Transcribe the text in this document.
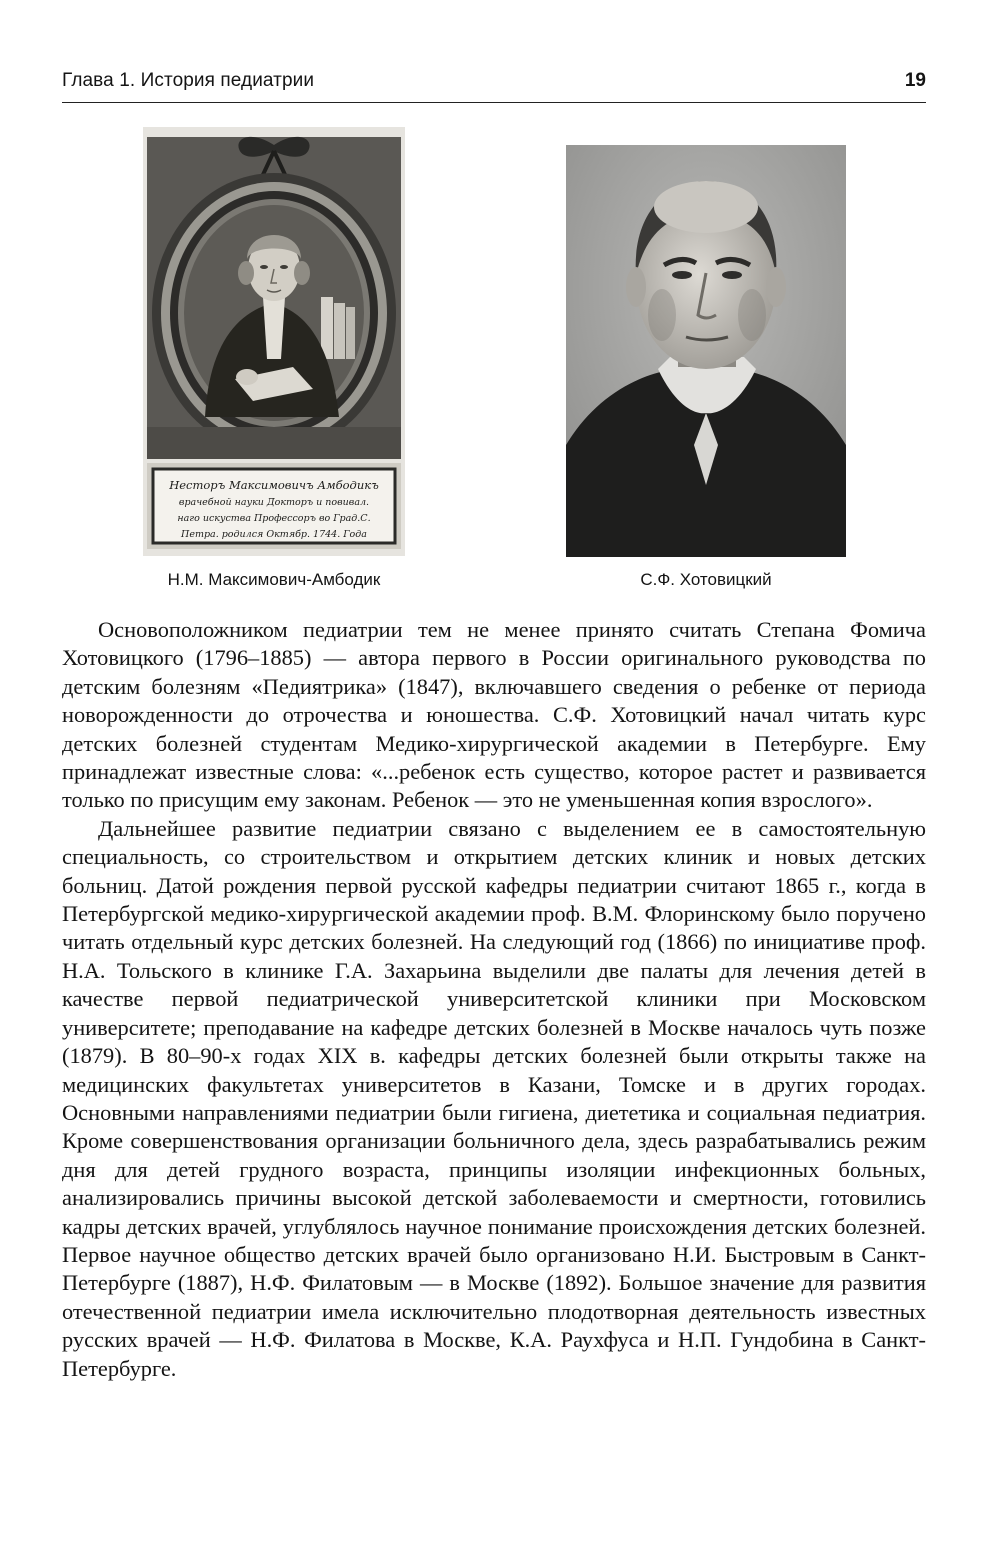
Глава 1. История педиатрии	19
Несторъ Максимовичъ Амбодикъ
врачебной науки Докторъ и повивал.
наго искуства Профессоръ во Град.С.
Петра. родился Октябр. 1744. Года
Н.М. Максимович-Амбодик	С.Ф. Хотовицкий

Основоположником педиатрии тем не менее принято считать Степана Фомича Хотовицкого (1796–1885) — автора первого в России оригинального руководства по детским болезням «Педиятрика» (1847), включавшего сведения о ребенке от периода новорожденности до отрочества и юношества. С.Ф. Хотовицкий начал читать курс детских болезней студентам Медико-хирургической академии в Петербурге. Ему принадлежат известные слова: «...ребенок есть существо, которое растет и развивается только по присущим ему законам. Ребенок — это не уменьшенная копия взрослого».

Дальнейшее развитие педиатрии связано с выделением ее в самостоятельную специальность, со строительством и открытием детских клиник и новых детских больниц. Датой рождения первой русской кафедры педиатрии считают 1865 г., когда в Петербургской медико-хирургической академии проф. В.М. Флоринскому было поручено читать отдельный курс детских болезней. На следующий год (1866) по инициативе проф. Н.А. Тольского в клинике Г.А. Захарьина выделили две палаты для лечения детей в качестве первой педиатрической университетской клиники при Московском университете; преподавание на кафедре детских болезней в Москве началось чуть позже (1879). В 80–90-х годах XIX в. кафедры детских болезней были открыты также на медицинских факультетах университетов в Казани, Томске и в других городах. Основными направлениями педиатрии были гигиена, диететика и социальная педиатрия. Кроме совершенствования организации больничного дела, здесь разрабатывались режим дня для детей грудного возраста, принципы изоляции инфекционных больных, анализировались причины высокой детской заболеваемости и смертности, готовились кадры детских врачей, углублялось научное понимание происхождения детских болезней. Первое научное общество детских врачей было организовано Н.И. Быстровым в Санкт-Петербурге (1887), Н.Ф. Филатовым — в Москве (1892). Большое значение для развития отечественной педиатрии имела исключительно плодотворная деятельность известных русских врачей — Н.Ф. Филатова в Москве, К.А. Раухфуса и Н.П. Гундобина в Санкт-Петербурге.
